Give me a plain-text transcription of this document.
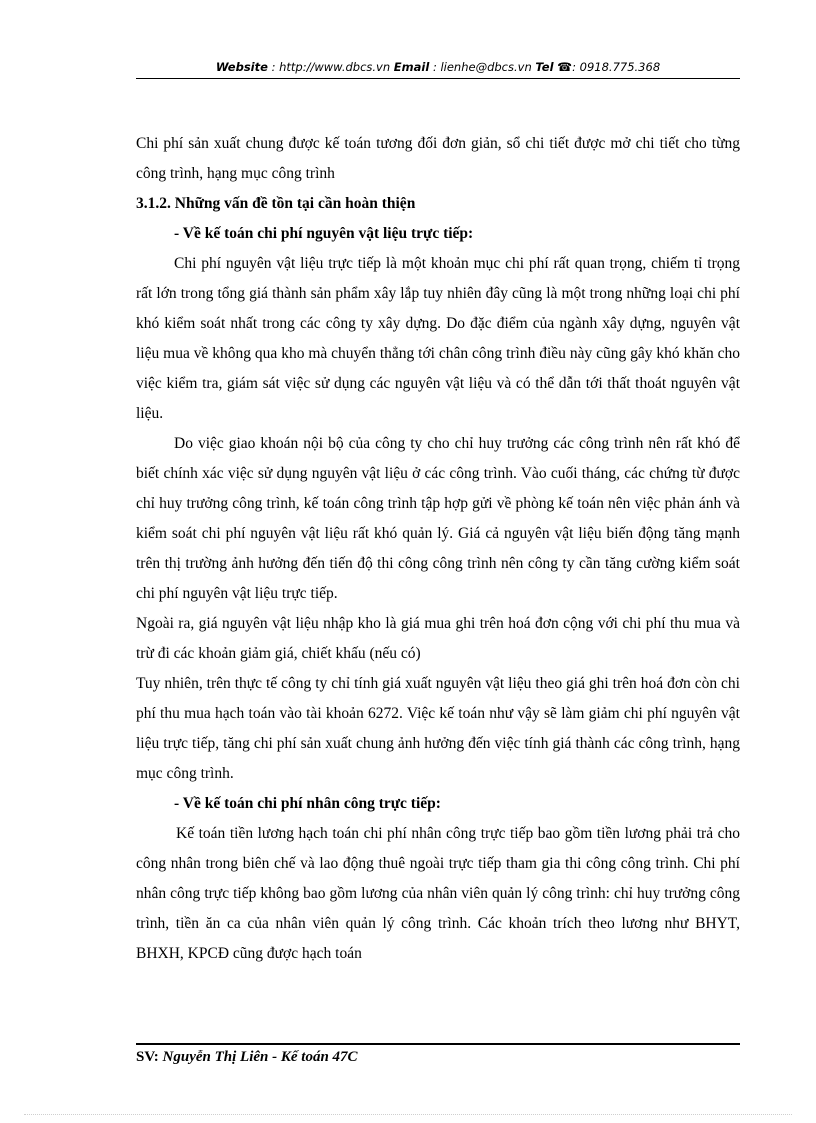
Website : http://www.dbcs.vn Email : lienhe@dbcs.vn Tel ☎: 0918.775.368

Chi phí sản xuất chung được kế toán tương đối đơn giản, sổ chi tiết được mở chi tiết cho từng công trình, hạng mục công trình

3.1.2. Những vấn đề tồn tại cần hoàn thiện

- Về kế toán chi phí nguyên vật liệu trực tiếp:

Chi phí nguyên vật liệu trực tiếp là một khoản mục chi phí rất quan trọng, chiếm tỉ trọng rất lớn trong tổng giá thành sản phẩm xây lắp tuy nhiên đây cũng là một trong những loại chi phí khó kiểm soát nhất trong các công ty xây dựng. Do đặc điểm của ngành xây dựng, nguyên vật liệu mua về không qua kho mà chuyển thẳng tới chân công trình điều này cũng gây khó khăn cho việc kiểm tra, giám sát việc sử dụng các nguyên vật liệu và có thể dẫn tới thất thoát nguyên vật liệu.

Do việc giao khoán nội bộ của công ty cho chỉ huy trưởng các công trình nên rất khó để biết chính xác việc sử dụng nguyên vật liệu ở các công trình. Vào cuối tháng, các chứng từ được chỉ huy trưởng công trình, kế toán công trình tập hợp gửi về phòng kế toán nên việc phản ánh và kiểm soát chi phí nguyên vật liệu rất khó quản lý. Giá cả nguyên vật liệu biến động tăng mạnh trên thị trường ảnh hưởng đến tiến độ thi công công trình nên công ty cần tăng cường kiểm soát chi phí nguyên vật liệu trực tiếp.

Ngoài ra, giá nguyên vật liệu nhập kho là giá mua ghi trên hoá đơn cộng với chi phí thu mua và trừ đi các khoản giảm giá, chiết khấu (nếu có)

Tuy nhiên, trên thực tế công ty chỉ tính giá xuất nguyên vật liệu theo giá ghi trên hoá đơn còn chi phí thu mua hạch toán vào tài khoản 6272. Việc kế toán như vậy sẽ làm giảm chi phí nguyên vật liệu trực tiếp, tăng chi phí sản xuất chung ảnh hưởng đến việc tính giá thành các công trình, hạng mục công trình.

- Về kế toán chi phí nhân công trực tiếp:

Kế toán tiền lương hạch toán chi phí nhân công trực tiếp bao gồm tiền lương phải trả cho công nhân trong biên chế và lao động thuê ngoài trực tiếp tham gia thi công công trình. Chi phí nhân công trực tiếp không bao gồm lương của nhân viên quản lý công trình: chỉ huy trưởng công trình, tiền ăn ca của nhân viên quản lý công trình. Các khoản trích theo lương như BHYT, BHXH, KPCĐ cũng được hạch toán

SV: Nguyễn Thị Liên - Kế toán 47C
